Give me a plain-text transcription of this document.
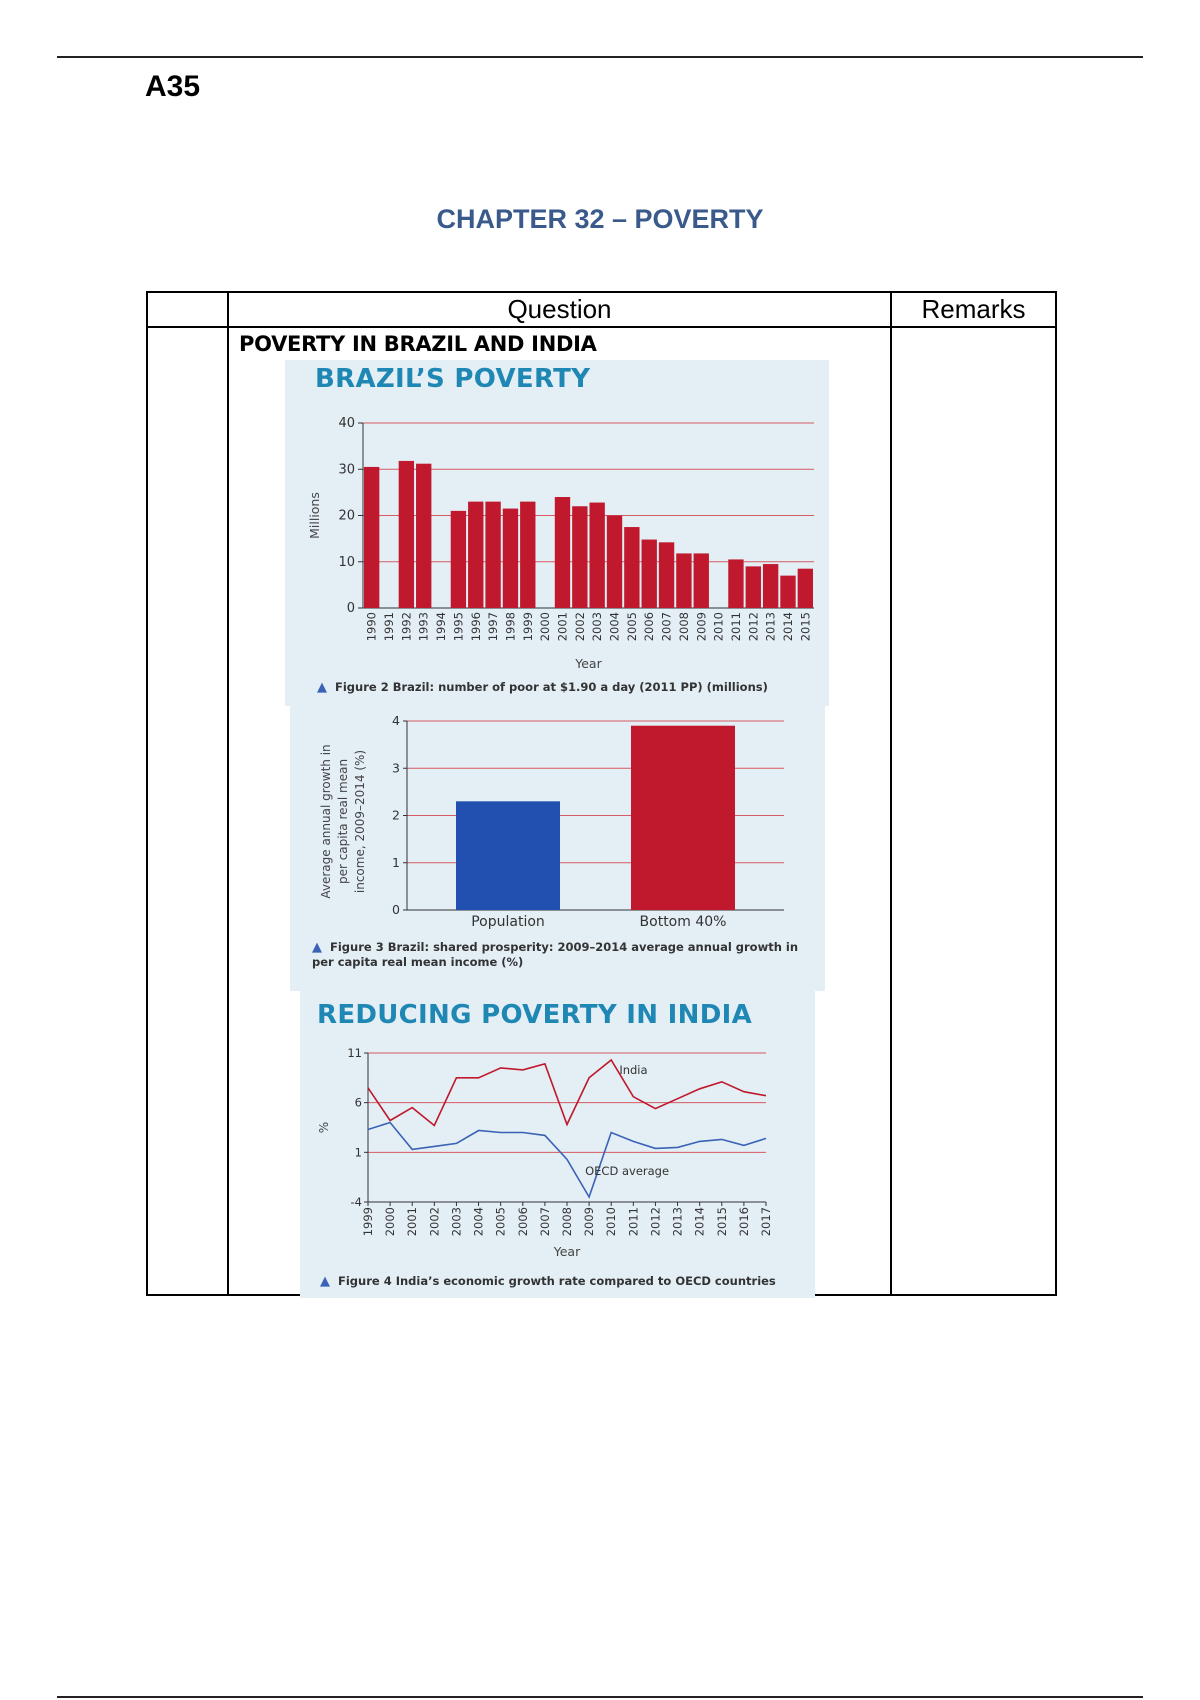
A35
CHAPTER 32 – POVERTY
	Question	Remarks

	POVERTY IN BRAZIL AND INDIA	

BRAZIL’S POVERTY
0
10
20
30
40
1990 1991 1992 1993 1994 1995 1996 1997 1998 1999 2000 2001 2002 2003 2004 2005 2006 2007 2008 2009 2010 2011 2012 2013 2014 2015
Year
Millions
▲ Figure 2 Brazil: number of poor at $1.90 a day (2011 PP) (millions)
0
1
2
3
4
Population	Bottom 40%
Average annual growth in per capita real mean income, 2009–2014 (%)
▲ Figure 3 Brazil: shared prosperity: 2009–2014 average annual growth in per capita real mean income (%)
REDUCING POVERTY IN INDIA
-4
1
6
11
India
OECD average
1999 2000 2001 2002 2003 2004 2005 2006 2007 2008 2009 2010 2011 2012 2013 2014 2015 2016 2017
Year
%
▲ Figure 4 India’s economic growth rate compared to OECD countries
